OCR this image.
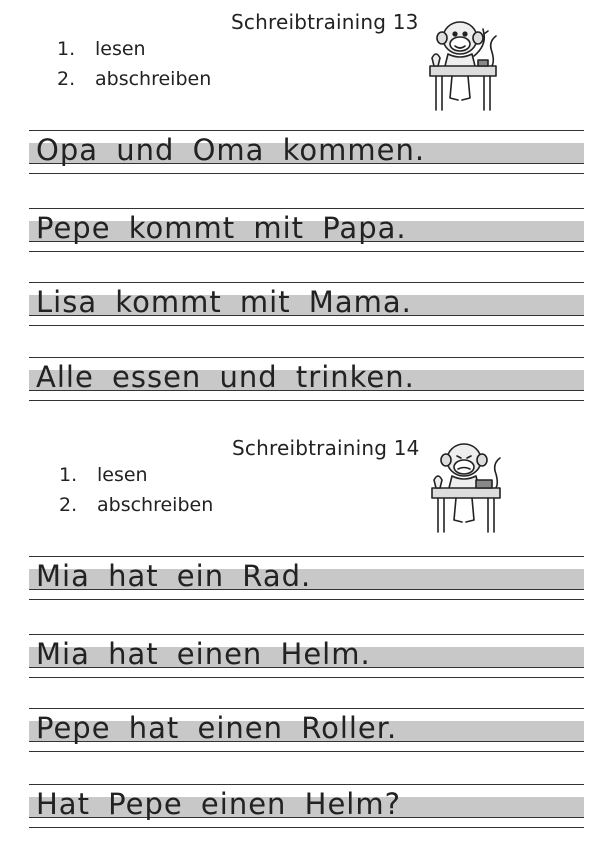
Schreibtraining 13
1. lesen
2. abschreiben
Opa und Oma kommen.
Pepe kommt mit Papa.
Lisa kommt mit Mama.
Alle essen und trinken.
Schreibtraining 14
1. lesen
2. abschreiben
Mia hat ein Rad.
Mia hat einen Helm.
Pepe hat einen Roller.
Hat Pepe einen Helm?
